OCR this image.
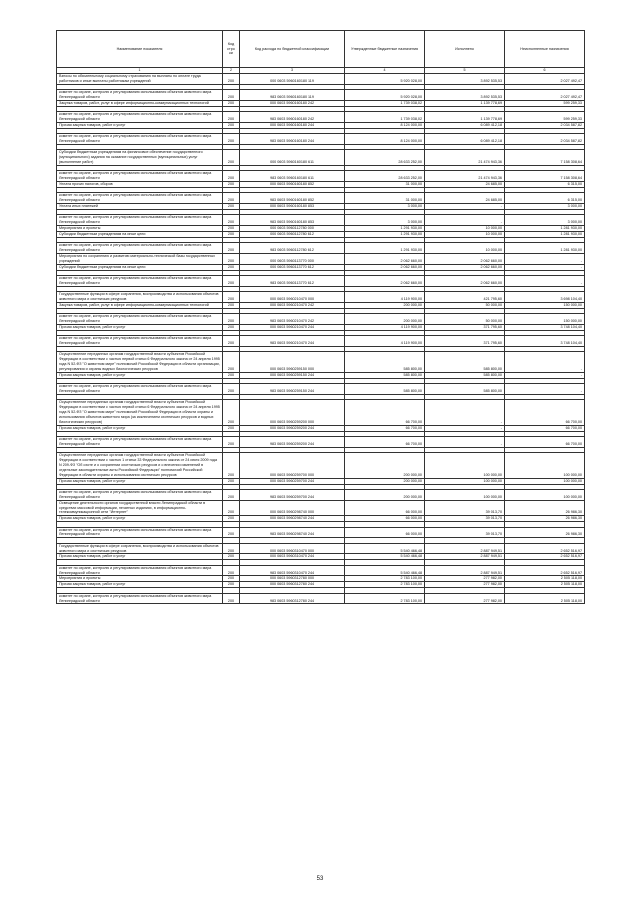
Наименование показателя	Код стро ки	Код расхода по бюджетной классификации	Утвержденные бюджетные назначения	Исполнено	Неисполненные назначения
1	2	3	4	5	6
Взносы по обязательному социальному страхованию на выплаты по оплате труда работников и иные выплаты работникам учреждений	200	000 0603 5960160180 119	5 920 028,00	3 892 535,53	2 027 492,47

комитет по охране, контролю и регулированию использования объектов животного мира Ленинградской области	200	983 0603 5960160180 119	5 920 028,00	3 892 535,53	2 027 492,47
Закупка товаров, работ, услуг в сфере информационно-коммуникационных технологий	200	000 0603 5960160180 242	1 739 038,02	1 139 778,69	599 259,33

комитет по охране, контролю и регулированию использования объектов животного мира Ленинградской области	200	983 0603 5960160180 242	1 739 038,02	1 139 778,69	599 259,33
Прочая закупка товаров, работ и услуг	200	000 0603 5960160180 244	8 124 000,00	6 089 412,18	2 034 587,82

комитет по охране, контролю и регулированию использования объектов животного мира Ленинградской области	200	983 0603 5960160180 244	8 124 000,00	6 089 412,18	2 034 587,82

Субсидии бюджетным учреждениям на финансовое обеспечение государственного (муниципального) задания на оказание государственных (муниципальных) услуг (выполнение работ)	200	000 0603 5960160180 611	28 633 252,00	21 474 943,36	7 158 308,64

комитет по охране, контролю и регулированию использования объектов животного мира Ленинградской области	200	983 0603 5960160180 611	28 633 252,00	21 474 943,36	7 158 308,64
Уплата прочих налогов, сборов	200	000 0603 5960160180 852	31 000,00	24 685,00	6 315,00

комитет по охране, контролю и регулированию использования объектов животного мира Ленинградской области	200	983 0603 5960160180 852	31 000,00	24 685,00	6 315,00
Уплата иных платежей	200	000 0603 5960160180 853	3 000,00	-	3 000,00

комитет по охране, контролю и регулированию использования объектов животного мира Ленинградской области	200	983 0603 5960160180 853	3 000,00	-	3 000,00
Мероприятия и проекты	200	000 0603 5960112780 000	1 291 930,00	10 000,00	1 281 930,00
Субсидии бюджетным учреждениям на иные цели	200	000 0603 5960112780 612	1 291 930,00	10 000,00	1 281 930,00

комитет по охране, контролю и регулированию использования объектов животного мира Ленинградской области	200	983 0603 5960112780 612	1 291 930,00	10 000,00	1 281 930,00
Мероприятия по сохранению и развитию материально-технической базы государственных учреждений	200	000 0603 5960113770 000	2 062 660,00	2 062 660,00	-
Субсидии бюджетным учреждениям на иные цели	200	000 0603 5960113770 612	2 062 660,00	2 062 660,00	-

комитет по охране, контролю и регулированию использования объектов животного мира Ленинградской области	200	983 0603 5960113770 612	2 062 660,00	2 062 660,00	-

Государственные функции в сфере сохранения, воспроизводства и использования объектов животного мира и охотничьих ресурсов	200	000 0603 5960210470 000	4 119 900,00	421 795,60	3 698 104,40
Закупка товаров, работ, услуг в сфере информационно-коммуникационных технологий	200	000 0603 5960210470 242	200 000,00	50 000,00	150 000,00

комитет по охране, контролю и регулированию использования объектов животного мира Ленинградской области	200	983 0603 5960210470 242	200 000,00	50 000,00	150 000,00
Прочая закупка товаров, работ и услуг	200	000 0603 5960210470 244	4 119 900,00	371 795,60	3 748 104,40

комитет по охране, контролю и регулированию использования объектов животного мира Ленинградской области	200	983 0603 5960210470 244	4 119 900,00	371 795,60	3 748 104,40

Осуществление переданных органам государственной власти субъектов Российской Федерации в соответствии с частью первой статьи 6 Федерального закона от 24 апреля 1995 года N 52-ФЗ "О животном мире" полномочий Российской Федерации в области организации, регулирования и охраны водных биологических ресурсов	200	000 0603 5960259150 000	585 800,00	585 800,00	-
Прочая закупка товаров, работ и услуг	200	000 0603 5960259150 244	585 800,00	585 800,00	-

комитет по охране, контролю и регулированию использования объектов животного мира Ленинградской области	200	983 0603 5960259150 244	585 800,00	585 800,00	-

Осуществление переданных органам государственной власти субъектов Российской Федерации в соответствии с частью первой статьи 6 Федерального закона от 24 апреля 1995 года N 52-ФЗ "О животном мире" полномочий Российской Федерации в области охраны и использования объектов животного мира (за исключением охотничьих ресурсов и водных биологических ресурсов)	200	000 0603 5960259200 000	66 700,00	-	66 700,00
Прочая закупка товаров, работ и услуг	200	000 0603 5960259200 244	66 700,00	-	66 700,00

комитет по охране, контролю и регулированию использования объектов животного мира Ленинградской области	200	983 0603 5960259200 244	66 700,00	-	66 700,00

Осуществление переданных органам государственной власти субъектов Российской Федерации в соответствии с частью 1 статьи 33 Федерального закона от 24 июля 2009 года N 209-ФЗ "Об охоте и о сохранении охотничьих ресурсов и о внесении изменений в отдельные законодательные акты Российской Федерации" полномочий Российской Федерации в области охраны и использования охотничьих ресурсов	200	000 0603 5960259700 000	200 000,00	100 000,00	100 000,00
Прочая закупка товаров, работ и услуг	200	000 0603 5960259700 244	200 000,00	100 000,00	100 000,00

комитет по охране, контролю и регулированию использования объектов животного мира Ленинградской области	200	983 0603 5960259700 244	200 000,00	100 000,00	100 000,00
Освещение деятельности органов государственной власти Ленинградской области в средствах массовой информации, печатных изданиях, в информационно-телекоммуникационной сети "Интернет"	200	000 0603 5960298740 000	66 000,00	39 013,70	26 986,30
Прочая закупка товаров, работ и услуг	200	000 0603 5960298740 244	66 000,00	39 013,70	26 986,30

комитет по охране, контролю и регулированию использования объектов животного мира Ленинградской области	200	983 0603 5960298740 244	66 000,00	39 013,70	26 986,30

Государственные функции в сфере сохранения, воспроизводства и использования объектов животного мира и охотничьих ресурсов	200	000 0603 5960310470 000	5 540 466,48	2 887 949,51	2 652 516,97
Прочая закупка товаров, работ и услуг	200	000 0603 5960310470 244	5 540 466,48	2 887 949,51	2 652 516,97

комитет по охране, контролю и регулированию использования объектов животного мира Ленинградской области	200	983 0603 5960310470 244	5 540 466,48	2 887 949,51	2 652 516,97
Мероприятия и проекты	200	000 0603 5960312780 000	2 783 100,00	277 982,00	2 505 118,00
Прочая закупка товаров, работ и услуг	200	000 0603 5960312780 244	2 783 100,00	277 982,00	2 505 118,00

комитет по охране, контролю и регулированию использования объектов животного мира Ленинградской области	200	983 0603 5960312780 244	2 783 100,00	277 982,00	2 505 118,00
53
